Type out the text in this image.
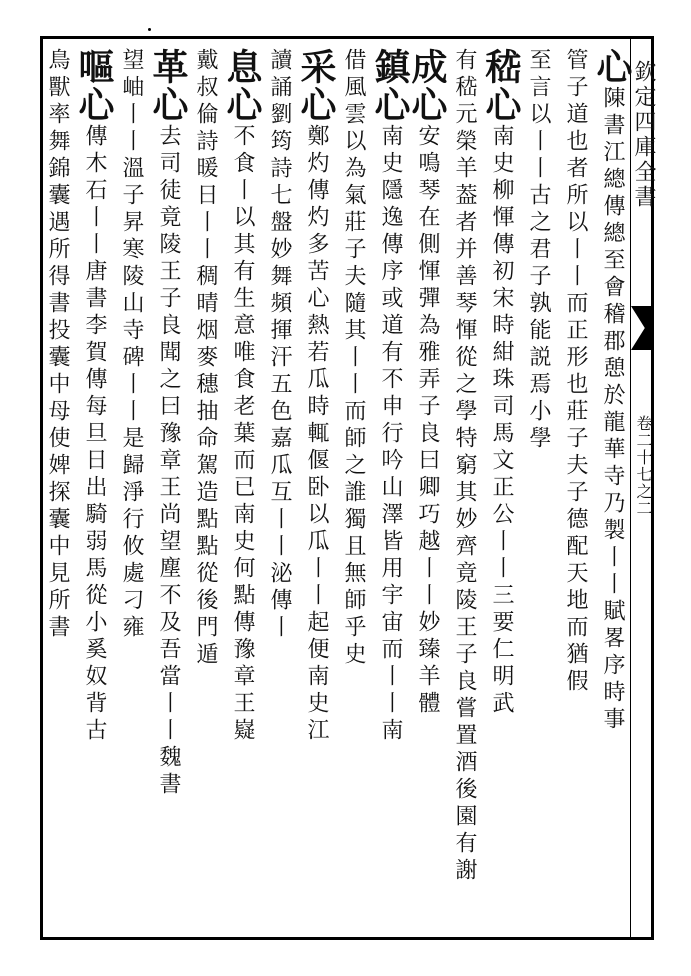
欽定四庫全書
卷二十七之二
心陳書江總傳總至會稽郡憩於龍華寺乃製丨丨賦畧序時事
管子道也者所以丨丨而正形也莊子夫子德配天地而猶假
至言以丨丨古之君子孰能説焉小學
嵇心南史柳惲傳初宋時紺珠司馬文正公丨丨三要仁明武
有嵇元榮羊葢者并善琴惲從之學特窮其妙齊竟陵王子良嘗置酒後園有謝
成心安鳴琴在側惲彈為雅弄子良曰卿巧越丨丨妙臻羊體
鎮心南史隱逸傳序或道有不申行吟山澤皆用宇宙而丨丨南
借風雲以為氣莊子夫隨其丨丨而師之誰獨且無師乎史
采心鄭灼傳灼多苦心熱若瓜時輒偃卧以瓜丨丨起便南史江
讀誦劉筠詩七盤妙舞頻揮汗五色嘉瓜互丨丨泌傳丨
息心不食丨以其有生意唯食老葉而已南史何點傳豫章王嶷
戴叔倫詩暖日丨丨稠晴烟麥穗抽命駕造點點從後門遁
革心去司徒竟陵王子良聞之曰豫章王尚望塵不及吾當丨丨魏書
望岫丨丨溫子昇寒陵山寺碑丨丨是歸淨行攸處刁雍
嘔心傳木石丨丨唐書李賀傳每旦日出騎弱馬從小奚奴背古
鳥獸率舞錦囊遇所得書投囊中母使婢探囊中見所書
